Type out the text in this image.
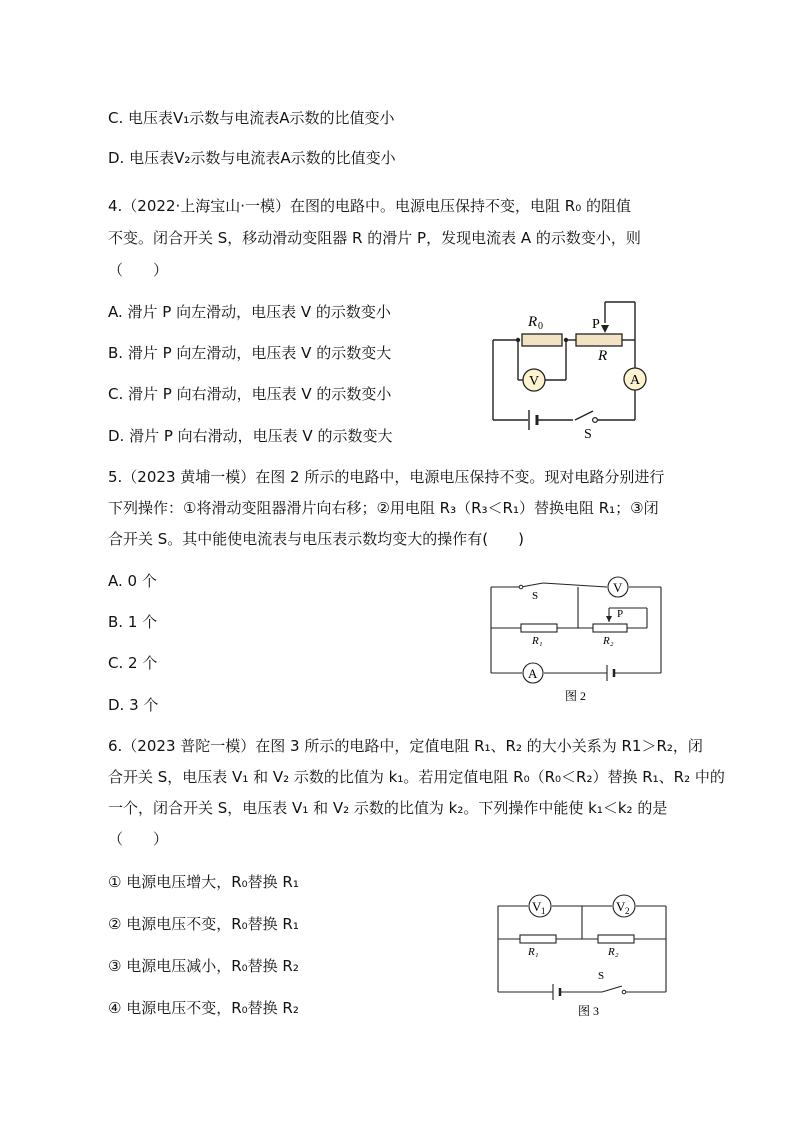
C. 电压表V₁示数与电流表A示数的比值变小
D. 电压表V₂示数与电流表A示数的比值变小
4.（2022·上海宝山·一模）在图的电路中。电源电压保持不变，电阻 R₀ 的阻值
不变。闭合开关 S，移动滑动变阻器 R 的滑片 P，发现电流表 A 的示数变小，则
（　　）
A. 滑片 P 向左滑动，电压表 V 的示数变小
B. 滑片 P 向左滑动，电压表 V 的示数变大
C. 滑片 P 向右滑动，电压表 V 的示数变小
D. 滑片 P 向右滑动，电压表 V 的示数变大
V	A
R 0	P
R
S
5.（2023 黄埔一模）在图 2 所示的电路中，电源电压保持不变。现对电路分别进行
下列操作：①将滑动变阻器滑片向右移；②用电阻 R₃（R₃＜R₁）替换电阻 R₁；③闭
合开关 S。其中能使电流表与电压表示数均变大的操作有(　　)
A. 0 个
B. 1 个
C. 2 个
D. 3 个
V
A
S
P
R₁	R₂
图 2
6.（2023 普陀一模）在图 3 所示的电路中，定值电阻 R₁、R₂ 的大小关系为 R1＞R₂，闭
合开关 S，电压表 V₁ 和 V₂ 示数的比值为 k₁。若用定值电阻 R₀（R₀＜R₂）替换 R₁、R₂ 中的
一个，闭合开关 S，电压表 V₁ 和 V₂ 示数的比值为 k₂。下列操作中能使 k₁＜k₂ 的是
（　　）
① 电源电压增大，R₀替换 R₁
② 电源电压不变，R₀替换 R₁
③ 电源电压减小，R₀替换 R₂
④ 电源电压不变，R₀替换 R₂
V 1	V 2
R₁	R₂
S
图 3
